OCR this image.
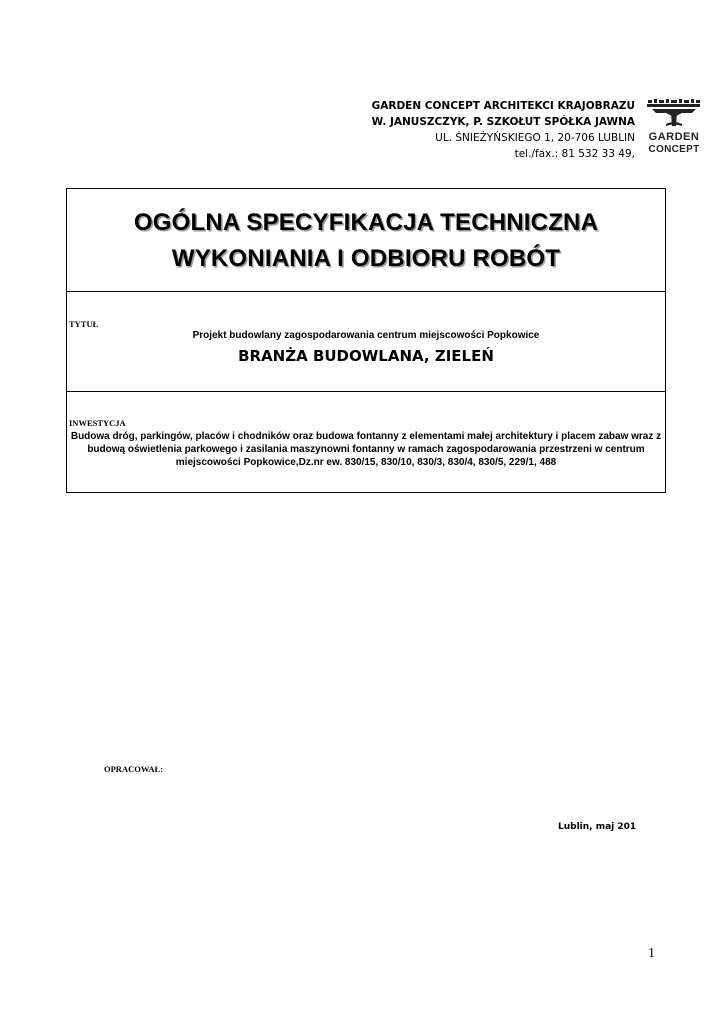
GARDEN CONCEPT ARCHITEKCI KRAJOBRAZU
W. JANUSZCZYK, P. SZKOŁUT SPÓŁKA JAWNA
UL. ŚNIEŻYŃSKIEGO 1, 20-706 LUBLIN
tel./fax.: 81 532 33 49,
GARDEN
CONCEPT
OGÓLNA SPECYFIKACJA TECHNICZNA
WYKONIANIA I ODBIORU ROBÓT
TYTUŁ
Projekt budowlany zagospodarowania centrum miejscowości Popkowice
BRANŻA BUDOWLANA, ZIELEŃ
INWESTYCJA
Budowa dróg, parkingów, placów i chodników oraz budowa fontanny z elementami małej architektury i placem zabaw wraz z budową oświetlenia parkowego i zasilania maszynowni fontanny w ramach zagospodarowania przestrzeni w centrum miejscowości Popkowice,Dz.nr ew. 830/15, 830/10, 830/3, 830/4, 830/5, 229/1, 488
OPRACOWAŁ:
Lublin, maj 201
1
